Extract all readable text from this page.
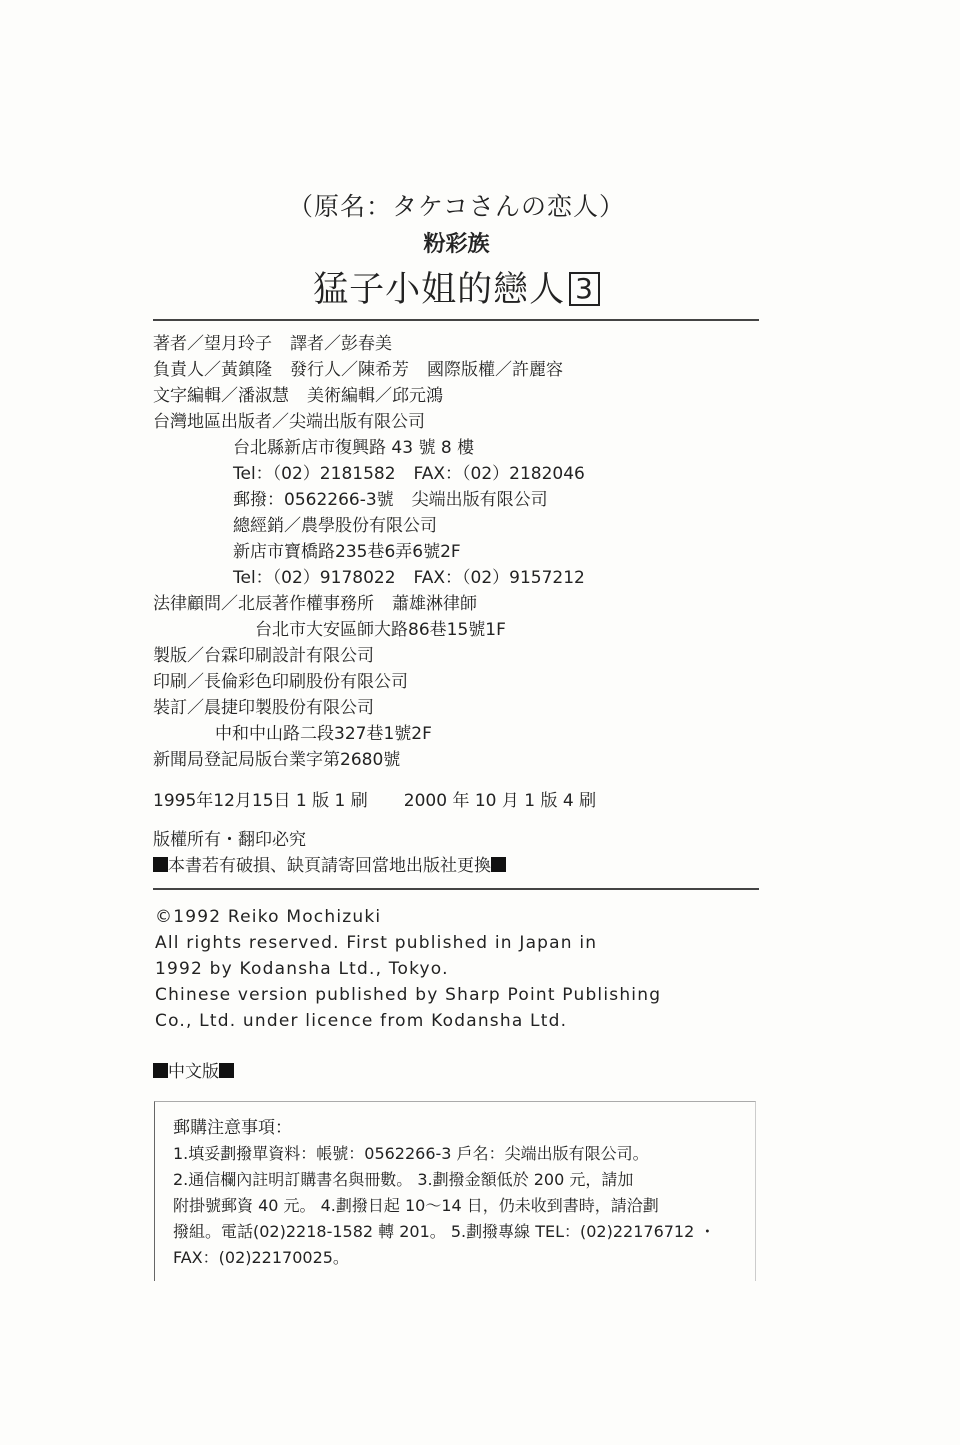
（原名：タケコさんの恋人）
粉彩族
猛子小姐的戀人 3
著者／望月玲子 譯者／彭春美
負責人／黃鎮隆 發行人／陳希芳 國際版權／許麗容
文字編輯／潘淑慧 美術編輯／邱元鴻
台灣地區出版者／尖端出版有限公司
台北縣新店市復興路 43 號 8 樓
Tel：（02）2181582 FAX：（02）2182046
郵撥：0562266-3號 尖端出版有限公司
總經銷／農學股份有限公司
新店市寶橋路235巷6弄6號2F
Tel：（02）9178022 FAX：（02）9157212
法律顧問／北辰著作權事務所 蕭雄淋律師
台北市大安區師大路86巷15號1F
製版／台霖印刷設計有限公司
印刷／長倫彩色印刷股份有限公司
裝訂／晨捷印製股份有限公司
中和中山路二段327巷1號2F
新聞局登記局版台業字第2680號
1995年12月15日 1 版 1 刷 2000 年 10 月 1 版 4 刷
版權所有・翻印必究
本書若有破損、缺頁請寄回當地出版社更換
©1992 Reiko Mochizuki
All rights reserved. First published in Japan in
1992 by Kodansha Ltd., Tokyo.
Chinese version published by Sharp Point Publishing
Co., Ltd. under licence from Kodansha Ltd.
中文版
郵購注意事項：
1.填妥劃撥單資料：帳號：0562266-3 戶名：尖端出版有限公司。
2.通信欄內註明訂購書名與冊數。 3.劃撥金額低於 200 元，請加
附掛號郵資 40 元。 4.劃撥日起 10～14 日，仍未收到書時，請洽劃
撥組。電話(02)2218-1582 轉 201。 5.劃撥專線 TEL：(02)22176712 ・
FAX：(02)22170025。
